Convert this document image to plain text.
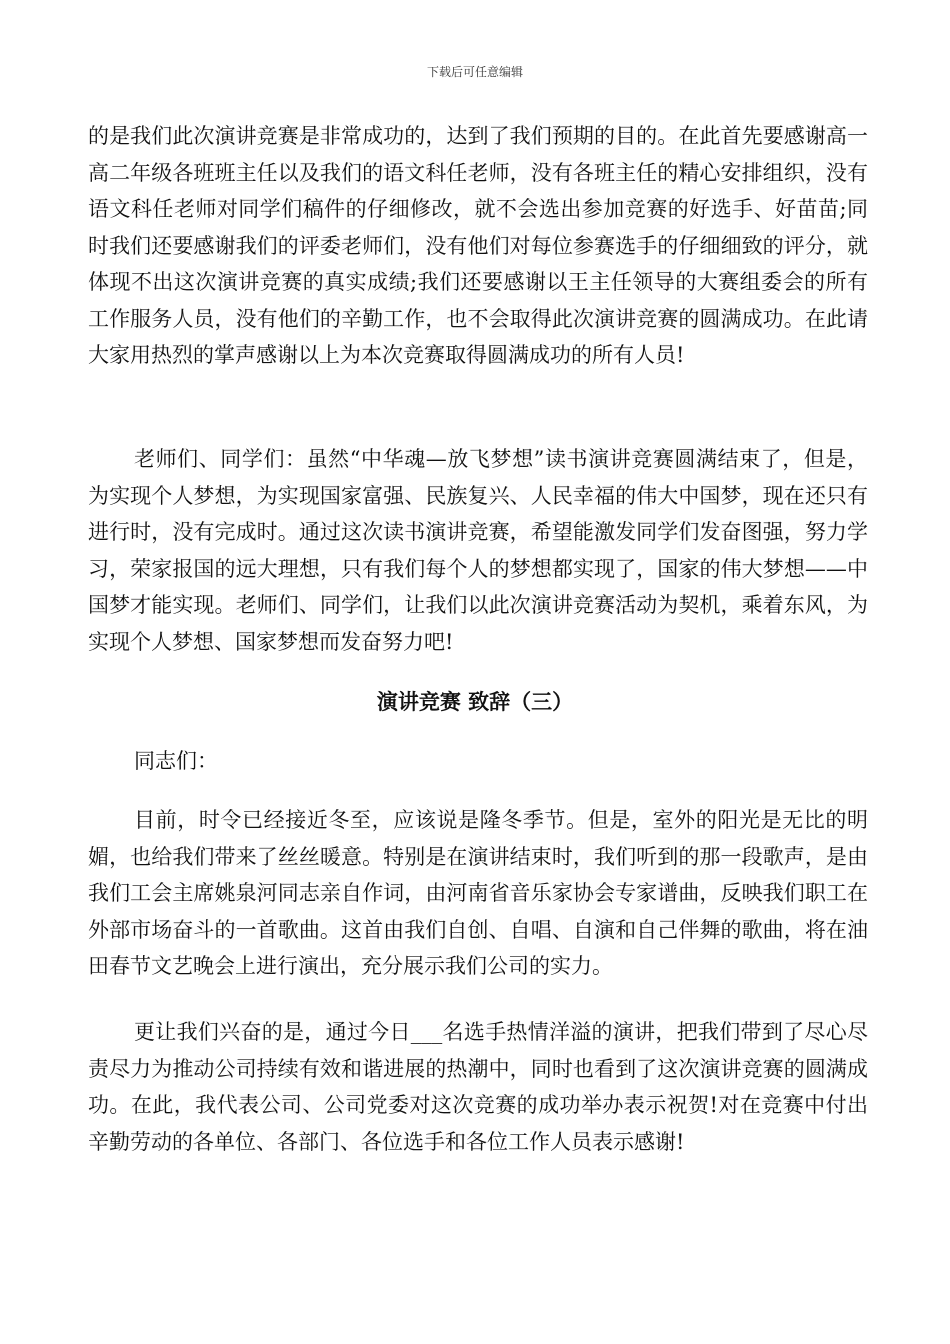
下载后可任意编辑

的是我们此次演讲竞赛是非常成功的，达到了我们预期的目的。在此首先要感谢高一高二年级各班班主任以及我们的语文科任老师，没有各班主任的精心安排组织，没有语文科任老师对同学们稿件的仔细修改，就不会选出参加竞赛的好选手、好苗苗;同时我们还要感谢我们的评委老师们，没有他们对每位参赛选手的仔细细致的评分，就体现不出这次演讲竞赛的真实成绩;我们还要感谢以王主任领导的大赛组委会的所有工作服务人员，没有他们的辛勤工作，也不会取得此次演讲竞赛的圆满成功。在此请大家用热烈的掌声感谢以上为本次竞赛取得圆满成功的所有人员!

老师们、同学们：虽然“中华魂—放飞梦想”读书演讲竞赛圆满结束了，但是，为实现个人梦想，为实现国家富强、民族复兴、人民幸福的伟大中国梦，现在还只有进行时，没有完成时。通过这次读书演讲竞赛，希望能激发同学们发奋图强，努力学习，荣家报国的远大理想，只有我们每个人的梦想都实现了，国家的伟大梦想——中国梦才能实现。老师们、同学们，让我们以此次演讲竞赛活动为契机，乘着东风，为实现个人梦想、国家梦想而发奋努力吧!

演讲竞赛 致辞（三）

同志们：

目前，时令已经接近冬至，应该说是隆冬季节。但是，室外的阳光是无比的明媚，也给我们带来了丝丝暖意。特别是在演讲结束时，我们听到的那一段歌声，是由我们工会主席姚泉河同志亲自作词，由河南省音乐家协会专家谱曲，反映我们职工在外部市场奋斗的一首歌曲。这首由我们自创、自唱、自演和自己伴舞的歌曲，将在油田春节文艺晚会上进行演出，充分展示我们公司的实力。

更让我们兴奋的是，通过今日___名选手热情洋溢的演讲，把我们带到了尽心尽责尽力为推动公司持续有效和谐进展的热潮中，同时也看到了这次演讲竞赛的圆满成功。在此，我代表公司、公司党委对这次竞赛的成功举办表示祝贺!对在竞赛中付出辛勤劳动的各单位、各部门、各位选手和各位工作人员表示感谢!
